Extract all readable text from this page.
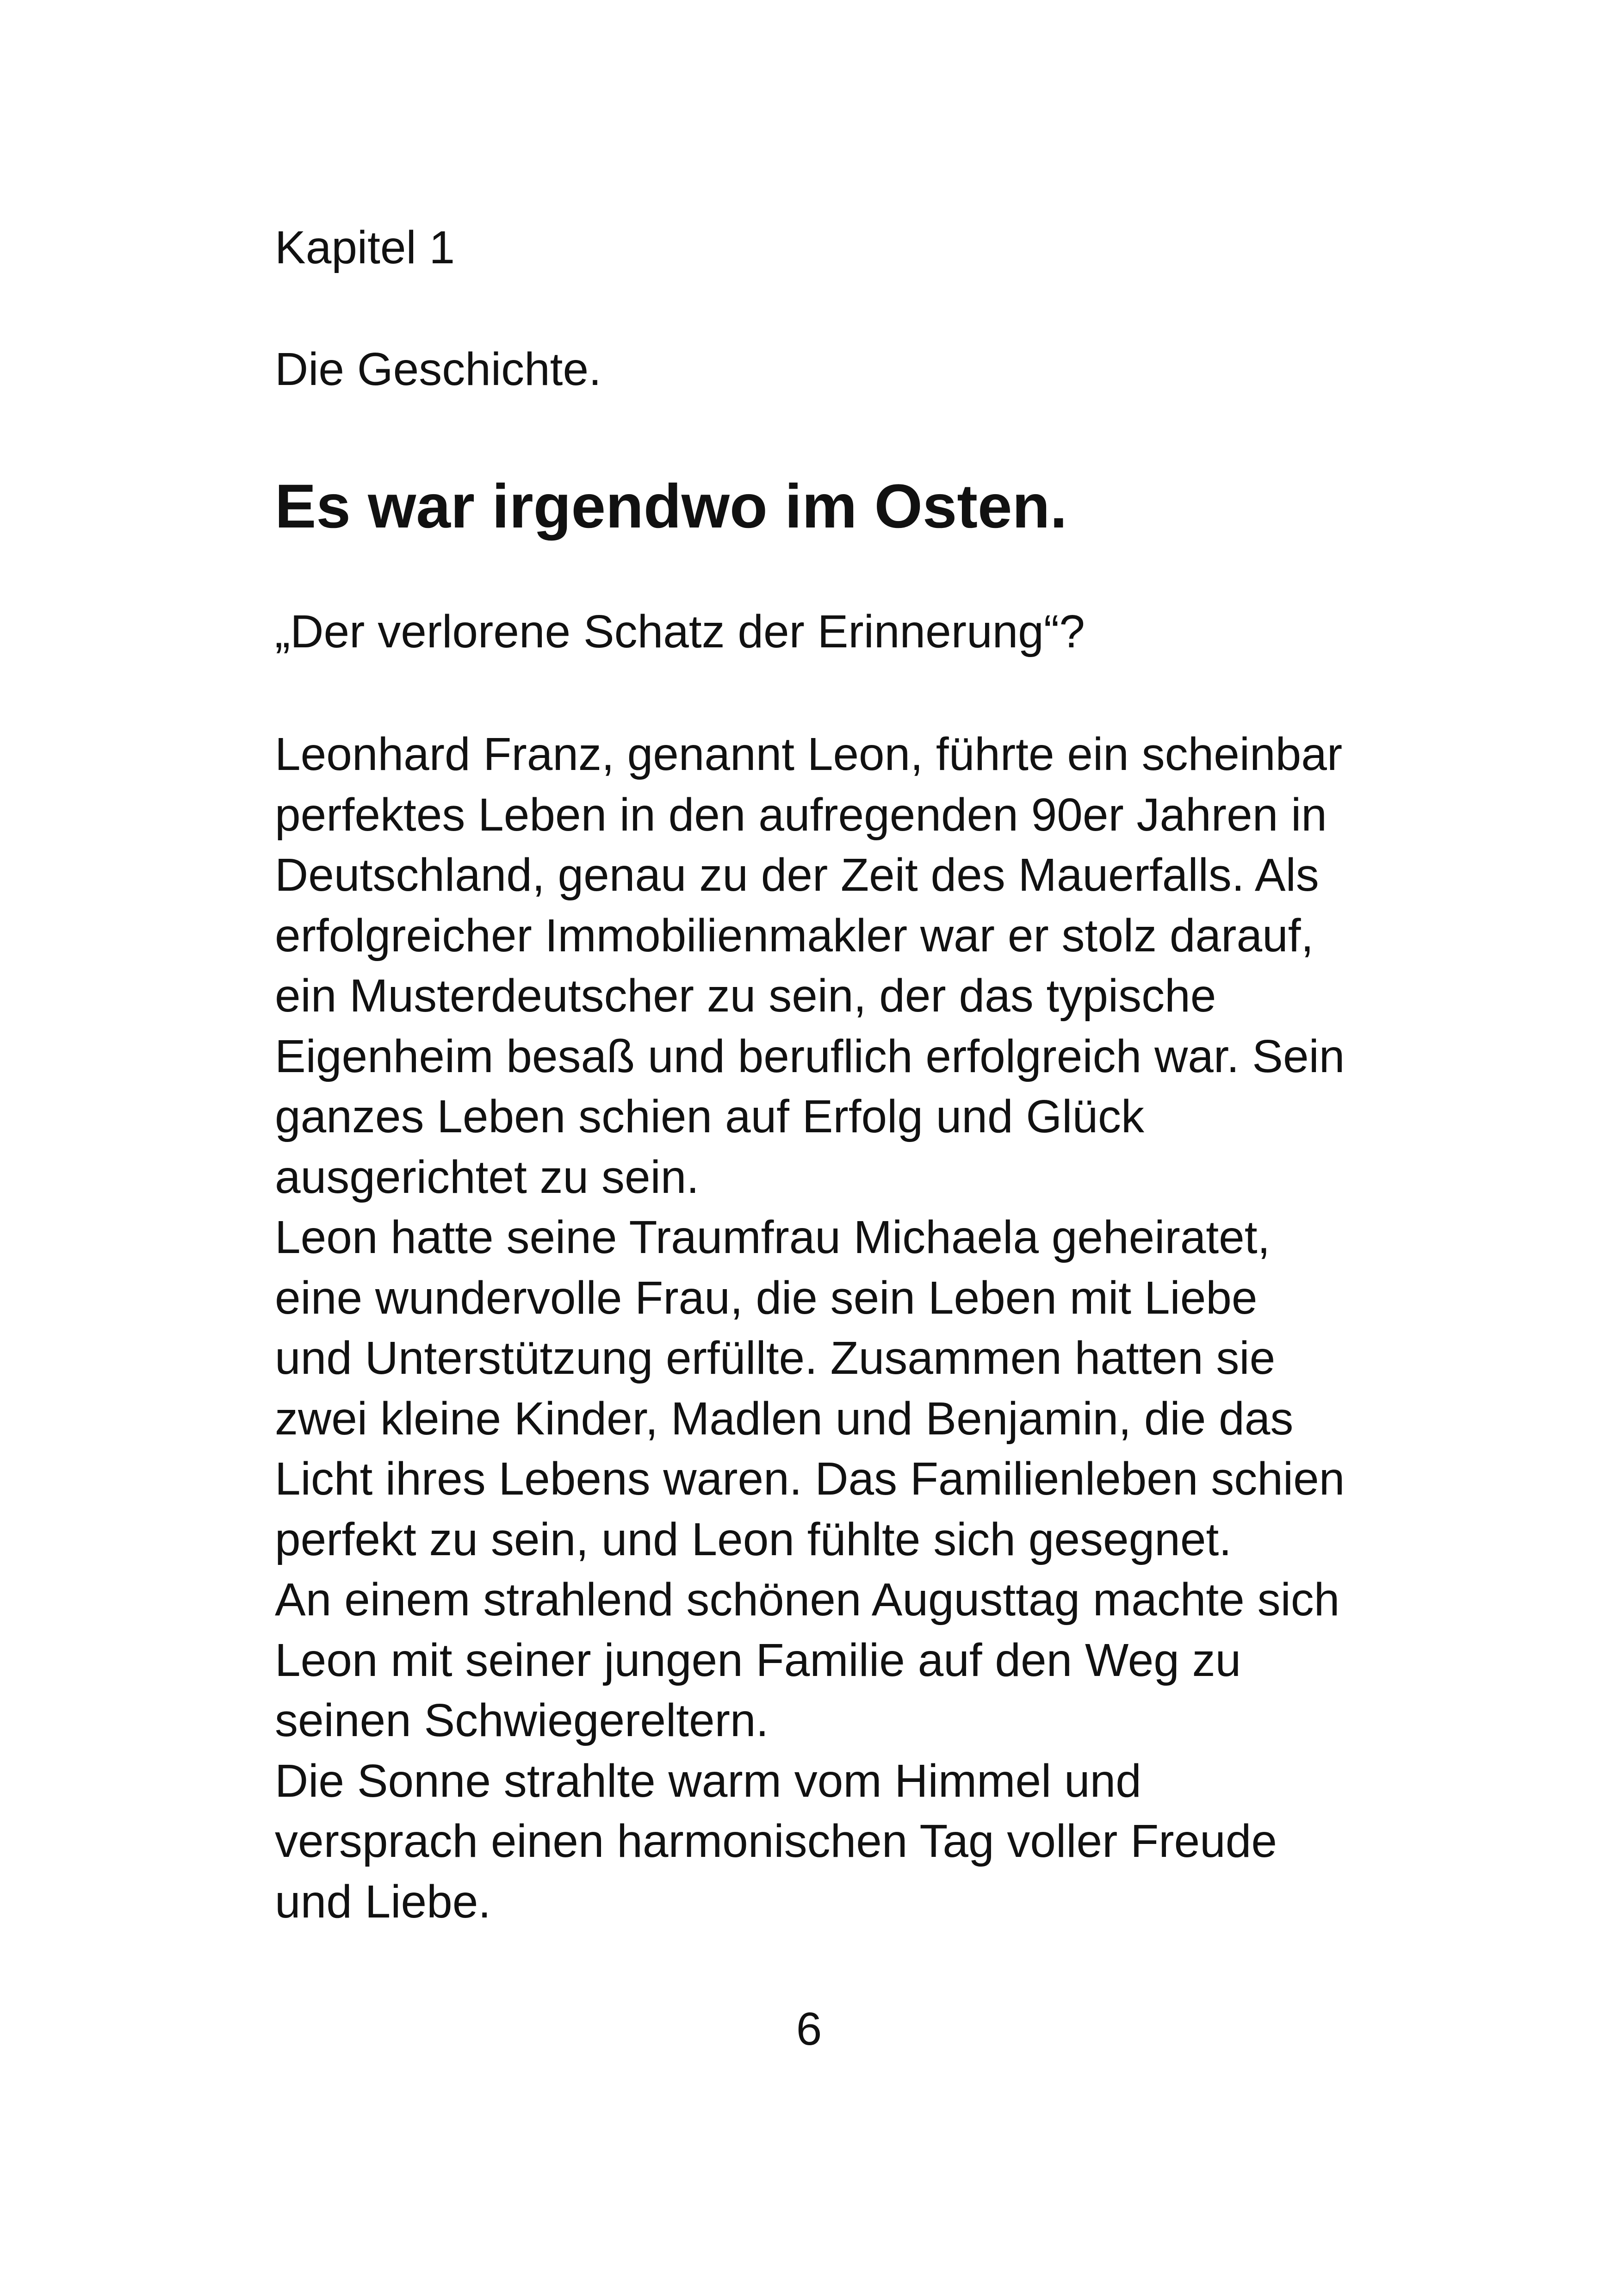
Kapitel 1

Die Geschichte.

Es war irgendwo im Osten.

„Der verlorene Schatz der Erinnerung“?

Leonhard Franz, genannt Leon, führte ein scheinbar
perfektes Leben in den aufregenden 90er Jahren in
Deutschland, genau zu der Zeit des Mauerfalls. Als
erfolgreicher Immobilienmakler war er stolz darauf,
ein Musterdeutscher zu sein, der das typische
Eigenheim besaß und beruflich erfolgreich war. Sein
ganzes Leben schien auf Erfolg und Glück
ausgerichtet zu sein.
Leon hatte seine Traumfrau Michaela geheiratet,
eine wundervolle Frau, die sein Leben mit Liebe
und Unterstützung erfüllte. Zusammen hatten sie
zwei kleine Kinder, Madlen und Benjamin, die das
Licht ihres Lebens waren. Das Familienleben schien
perfekt zu sein, und Leon fühlte sich gesegnet.
An einem strahlend schönen Augusttag machte sich
Leon mit seiner jungen Familie auf den Weg zu
seinen Schwiegereltern.
Die Sonne strahlte warm vom Himmel und
versprach einen harmonischen Tag voller Freude
und Liebe.

6
